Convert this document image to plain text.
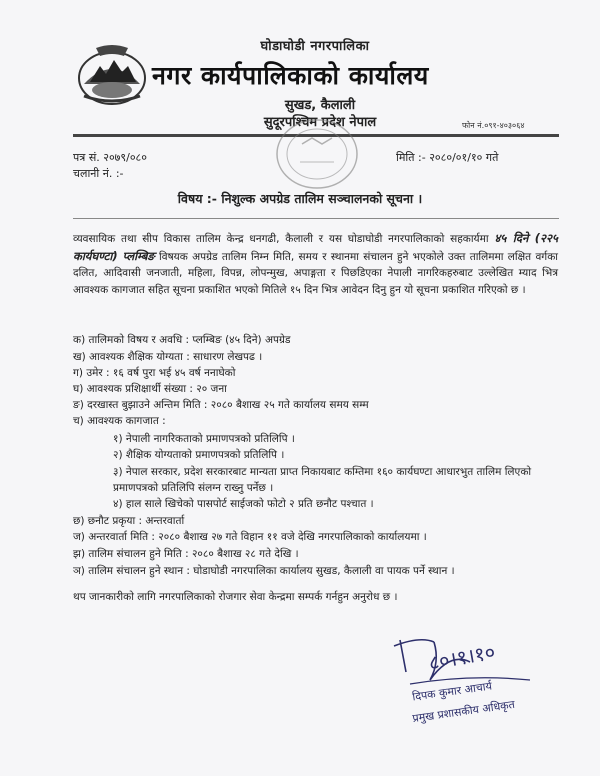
घोडाघोडी नगरपालिका
नगर कार्यपालिकाको कार्यालय
सुखड, कैलाली
सुदूरपश्चिम प्रदेश नेपाल	फोन नं.०९१-४०३०६४
पत्र सं. २०७९/०८०
चलानी नं. :-
मिति :- २०८०/०१/१० गते
विषय :- निशुल्क अपग्रेड तालिम सञ्चालनको सूचना ।
व्यवसायिक तथा सीप विकास तालिम केन्द्र धनगढी, कैलाली र यस घोडाघोडी नगरपालिकाको सहकार्यमा ४५ दिने (२२५ कार्यघण्टा) प्लम्बिङ विषयक अपग्रेड तालिम निम्न मिति, समय र स्थानमा संचालन हुने भएकोले उक्त तालिममा लक्षित वर्गका दलित, आदिवासी जनजाती, महिला, विपन्न, लोपन्मुख, अपाङ्गता र पिछडिएका नेपाली नागरिकहरुबाट उल्लेखित म्याद भित्र आवश्यक कागजात सहित सूचना प्रकाशित भएको मितिले १५ दिन भित्र आवेदन दिनु हुन यो सूचना प्रकाशित गरिएको छ ।
क) तालिमको विषय र अवधि : प्लम्बिङ (४५ दिने) अपग्रेड
ख) आवश्यक शैक्षिक योग्यता : साधारण लेखपढ ।
ग) उमेर : १६ वर्ष पुरा भई ४५ वर्ष ननाघेको
घ) आवश्यक प्रशिक्षार्थी संख्या : २० जना
ङ) दरखास्त बुझाउने अन्तिम मिति : २०८० बैशाख २५ गते कार्यालय समय सम्म
च) आवश्यक कागजात :
१) नेपाली नागरिकताको प्रमाणपत्रको प्रतिलिपि ।
२) शैक्षिक योग्यताको प्रमाणपत्रको प्रतिलिपि ।
३) नेपाल सरकार, प्रदेश सरकारबाट मान्यता प्राप्त निकायबाट कम्तिमा १६० कार्यघण्टा आधारभुत तालिम लिएको प्रमाणपत्रको प्रतिलिपि संलग्न राख्नु पर्नेछ ।
४) हाल साले खिचेको पासपोर्ट साईजको फोटो २ प्रति छनौट पश्चात ।
छ) छनौट प्रकृया : अन्तरवार्ता
ज) अन्तरवार्ता मिति : २०८० बैशाख २७ गते विहान ११ वजे देखि नगरपालिकाको कार्यालयमा ।
झ) तालिम संचालन हुने मिति : २०८० बैशाख २८ गते देखि ।
ञ) तालिम संचालन हुने स्थान : घोडाघोडी नगरपालिका कार्यालय सुखड, कैलाली वा पायक पर्ने स्थान ।
थप जानकारीको लागि नगरपालिकाको रोजगार सेवा केन्द्रमा सम्पर्क गर्नहुन अनुरोध छ ।
८०।१।१०
दिपक कुमार आचार्य
प्रमुख प्रशासकीय अधिकृत
